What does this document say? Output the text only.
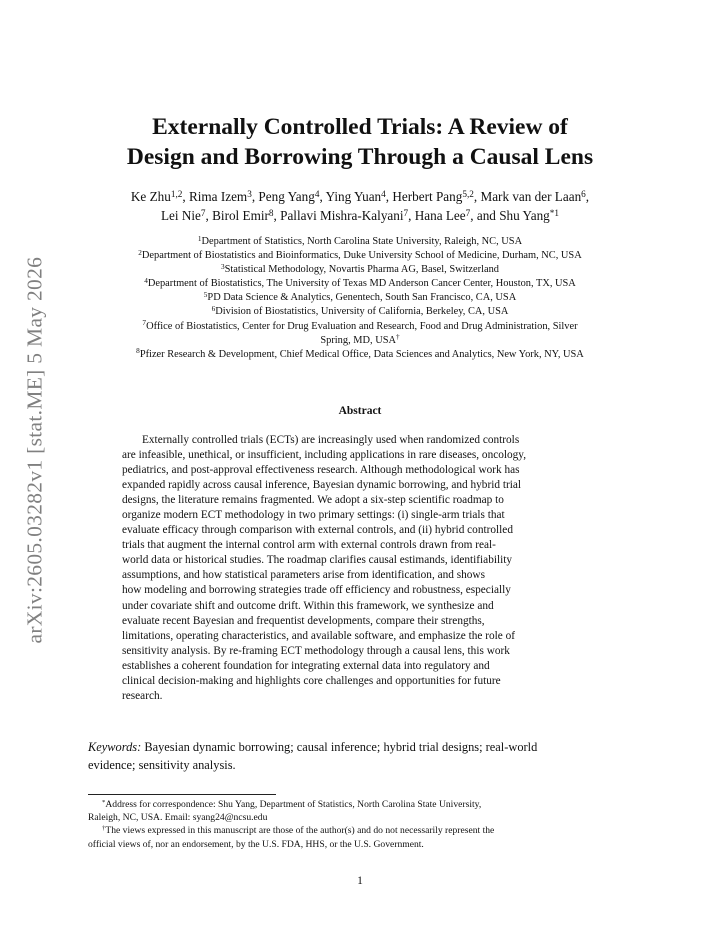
arXiv:2605.03282v1 [stat.ME] 5 May 2026
Externally Controlled Trials: A Review of
Design and Borrowing Through a Causal Lens
Ke Zhu$^{1,2}$, Rima Izem$^3$, Peng Yang$^4$, Ying Yuan$^4$, Herbert Pang$^{5,2}$, Mark van der Laan$^6$,
Lei Nie$^7$, Birol Emir$^8$, Pallavi Mishra-Kalyani$^7$, Hana Lee$^7$, and Shu Yang$^{*1}$
$^1$Department of Statistics, North Carolina State University, Raleigh, NC, USA
$^2$Department of Biostatistics and Bioinformatics, Duke University School of Medicine, Durham, NC, USA
$^3$Statistical Methodology, Novartis Pharma AG, Basel, Switzerland
$^4$Department of Biostatistics, The University of Texas MD Anderson Cancer Center, Houston, TX, USA
$^5$PD Data Science & Analytics, Genentech, South San Francisco, CA, USA
$^6$Division of Biostatistics, University of California, Berkeley, CA, USA
$^7$Office of Biostatistics, Center for Drug Evaluation and Research, Food and Drug Administration, Silver
Spring, MD, USA†
$^8$Pfizer Research & Development, Chief Medical Office, Data Sciences and Analytics, New York, NY, USA
Abstract
Externally controlled trials (ECTs) are increasingly used when randomized controls
are infeasible, unethical, or insufficient, including applications in rare diseases, oncology,
pediatrics, and post-approval effectiveness research. Although methodological work has
expanded rapidly across causal inference, Bayesian dynamic borrowing, and hybrid trial
designs, the literature remains fragmented. We adopt a six-step scientific roadmap to
organize modern ECT methodology in two primary settings: (i) single-arm trials that
evaluate efficacy through comparison with external controls, and (ii) hybrid controlled
trials that augment the internal control arm with external controls drawn from real-
world data or historical studies. The roadmap clarifies causal estimands, identifiability
assumptions, and how statistical parameters arise from identification, and shows
how modeling and borrowing strategies trade off efficiency and robustness, especially
under covariate shift and outcome drift. Within this framework, we synthesize and
evaluate recent Bayesian and frequentist developments, compare their strengths,
limitations, operating characteristics, and available software, and emphasize the role of
sensitivity analysis. By re-framing ECT methodology through a causal lens, this work
establishes a coherent foundation for integrating external data into regulatory and
clinical decision-making and highlights core challenges and opportunities for future
research.
Keywords: Bayesian dynamic borrowing; causal inference; hybrid trial designs; real-world
evidence; sensitivity analysis.
*Address for correspondence: Shu Yang, Department of Statistics, North Carolina State University,
Raleigh, NC, USA. Email: syang24@ncsu.edu
†The views expressed in this manuscript are those of the author(s) and do not necessarily represent the
official views of, nor an endorsement, by the U.S. FDA, HHS, or the U.S. Government.
1
